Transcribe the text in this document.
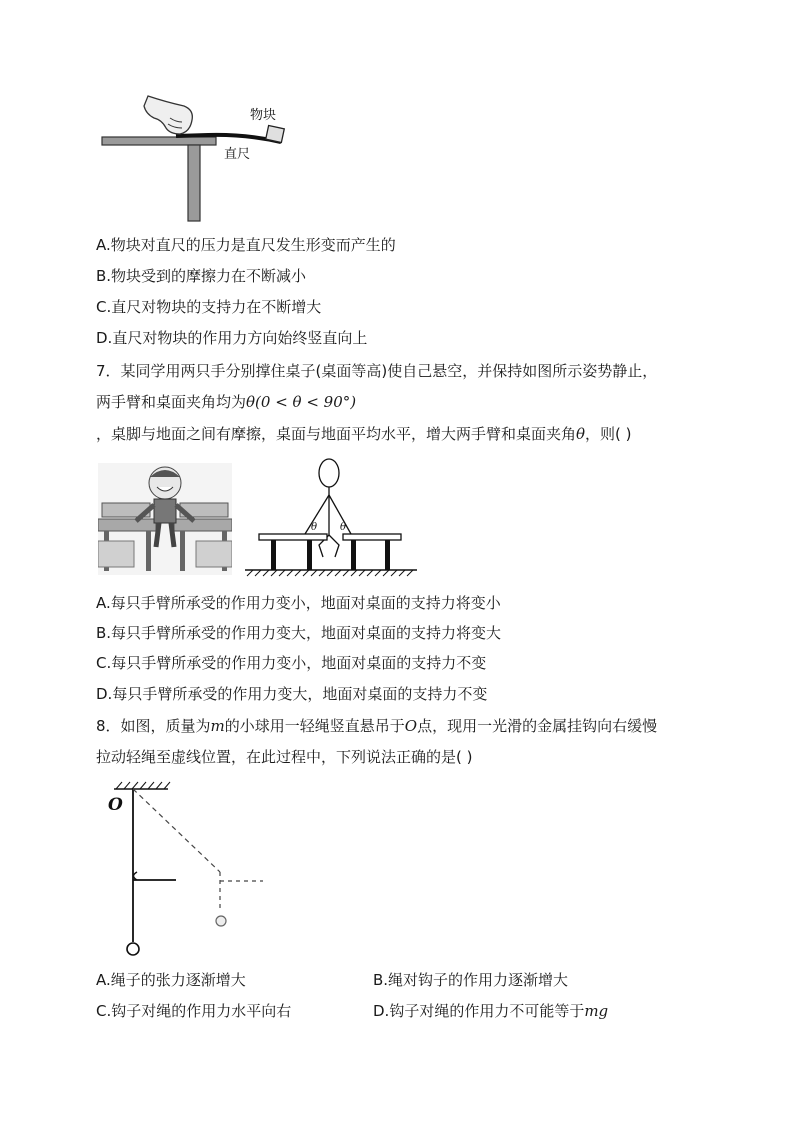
物块
直尺
A.物块对直尺的压力是直尺发生形变而产生的
B.物块受到的摩擦力在不断减小
C.直尺对物块的支持力在不断增大
D.直尺对物块的作用力方向始终竖直向上
7．某同学用两只手分别撑住桌子(桌面等高)使自己悬空，并保持如图所示姿势静止，
两手臂和桌面夹角均为θ(0 < θ < 90°)
，桌脚与地面之间有摩擦，桌面与地面平均水平，增大两手臂和桌面夹角θ，则( )
θ θ
A.每只手臂所承受的作用力变小，地面对桌面的支持力将变小
B.每只手臂所承受的作用力变大，地面对桌面的支持力将变大
C.每只手臂所承受的作用力变小，地面对桌面的支持力不变
D.每只手臂所承受的作用力变大，地面对桌面的支持力不变
8．如图，质量为m的小球用一轻绳竖直悬吊于O点，现用一光滑的金属挂钩向右缓慢
拉动轻绳至虚线位置，在此过程中，下列说法正确的是( )
O
A.绳子的张力逐渐增大	B.绳对钩子的作用力逐渐增大
C.钩子对绳的作用力水平向右	D.钩子对绳的作用力不可能等于mg
